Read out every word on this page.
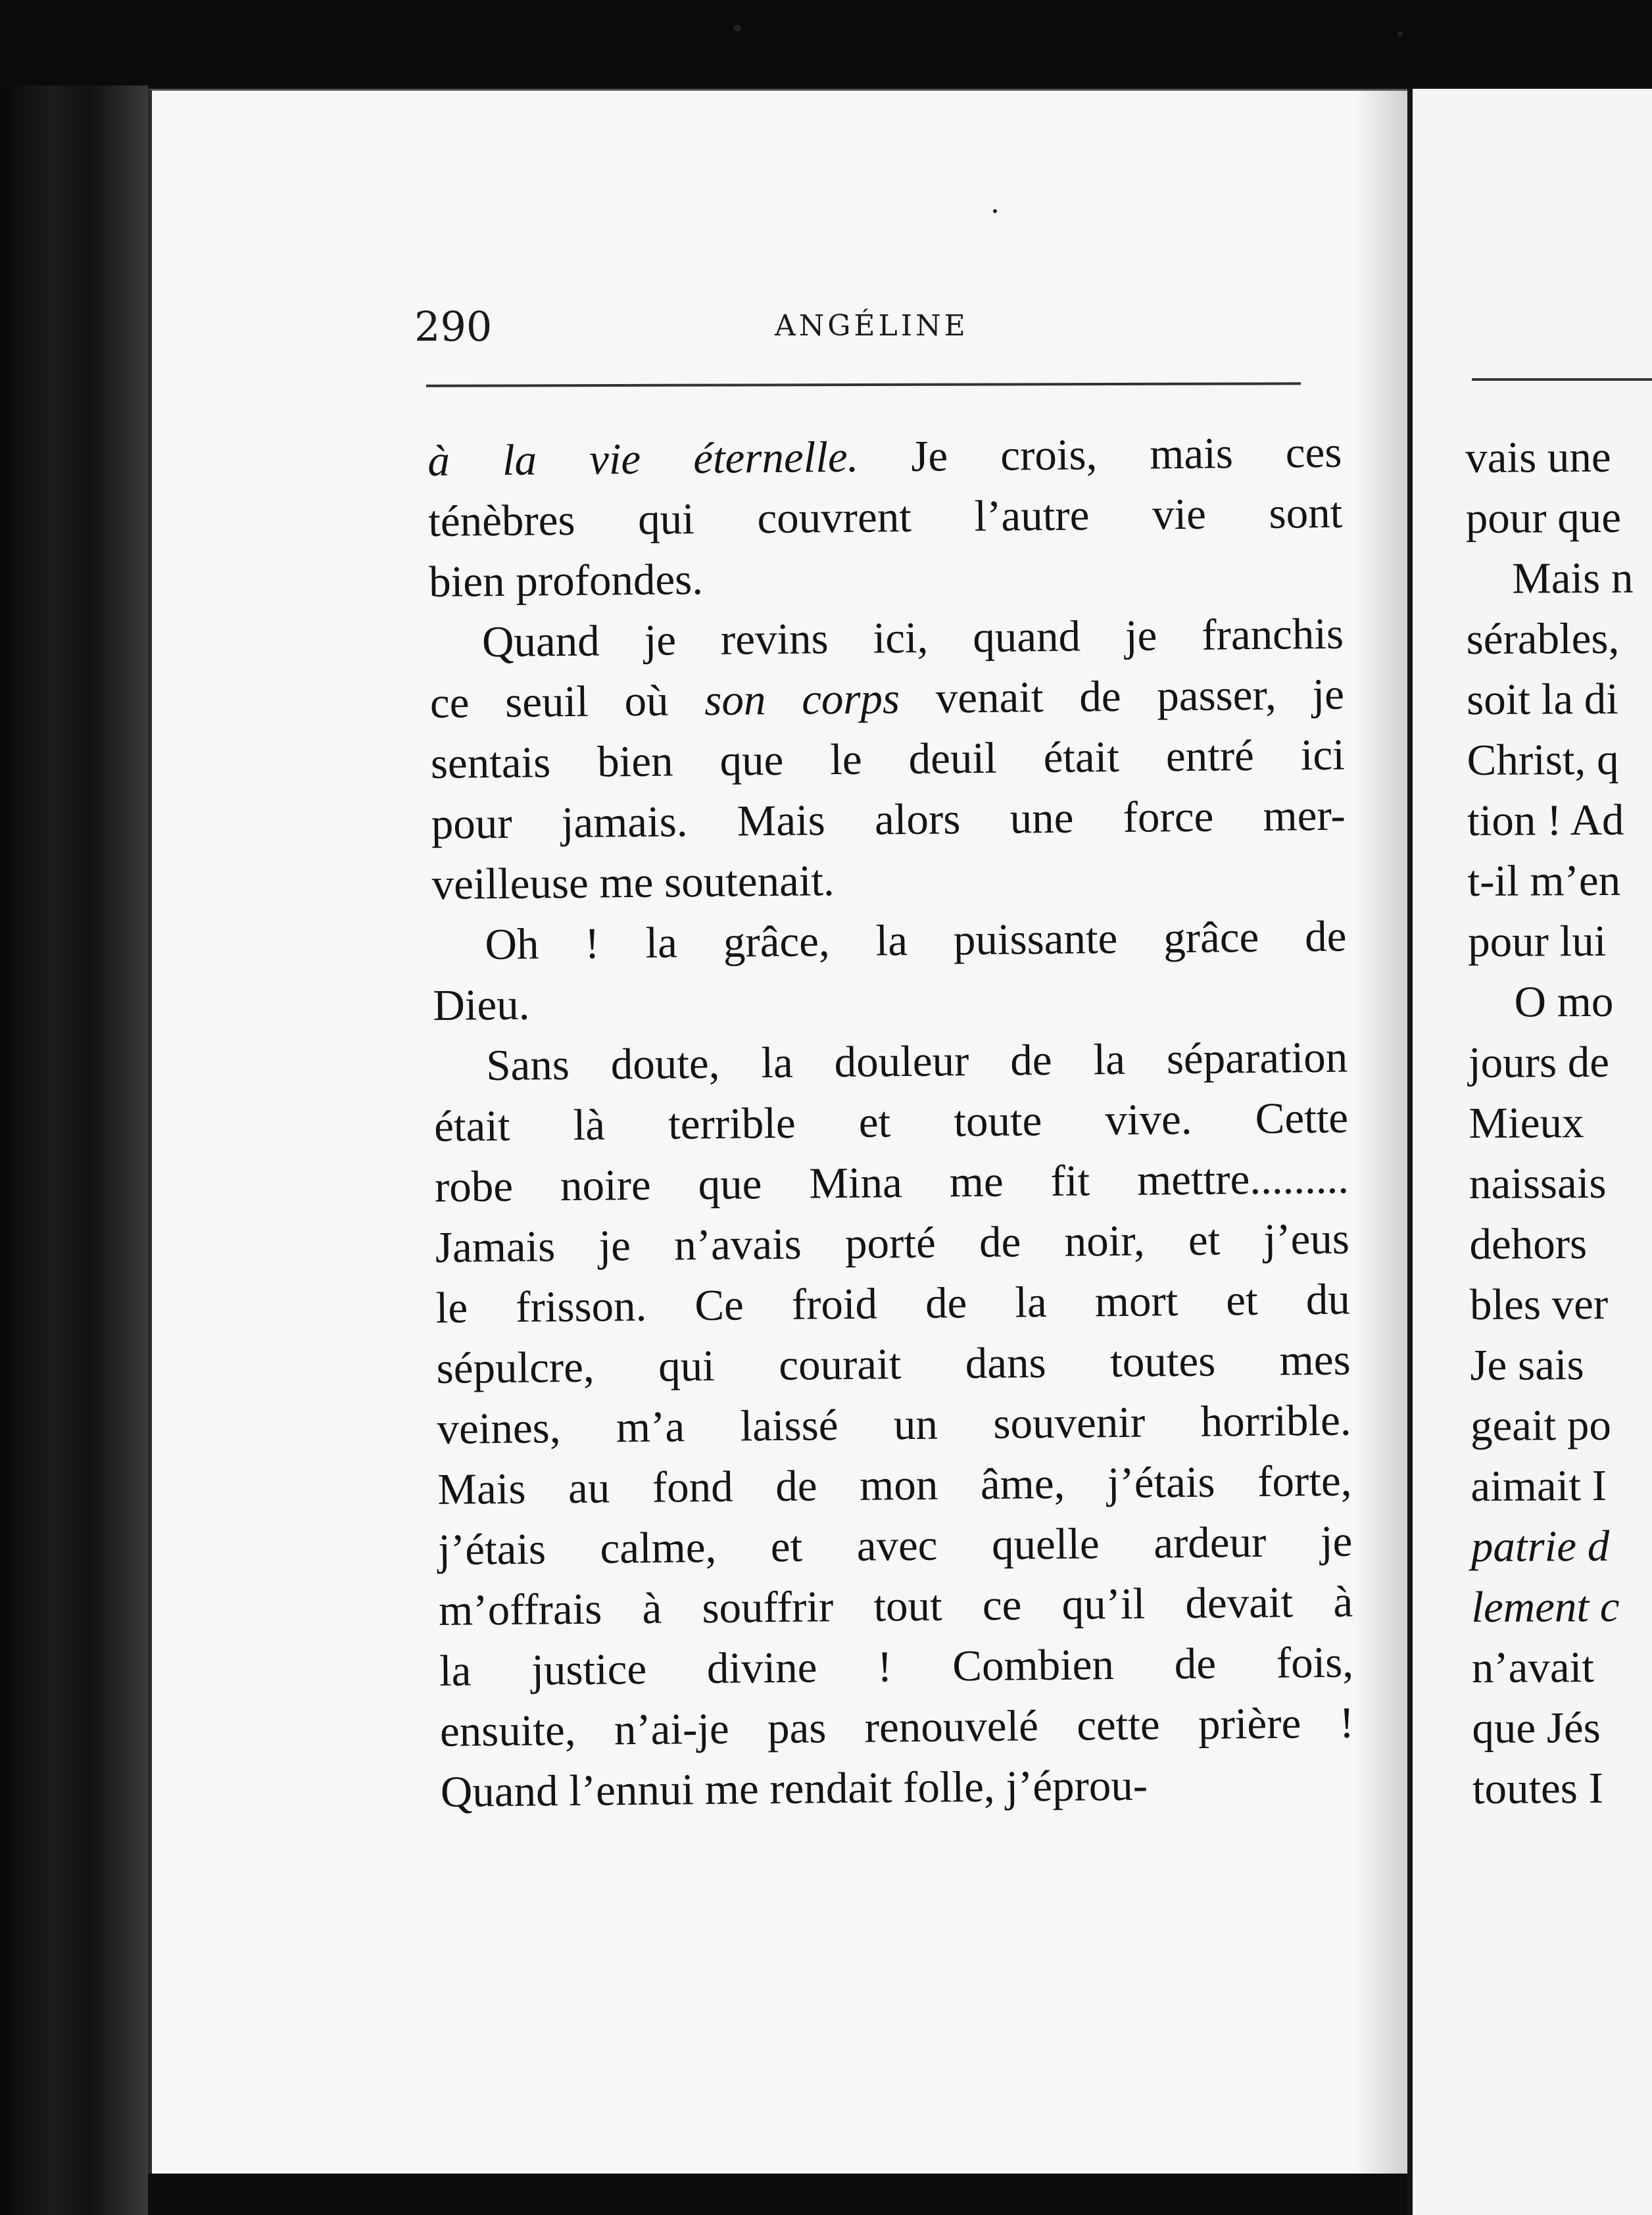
290	ANGÉLINE
à la vie éternelle. Je crois, mais ces
ténèbres qui couvrent l’autre vie sont
bien profondes.
Quand je revins ici, quand je franchis
ce seuil où son corps venait de passer, je
sentais bien que le deuil était entré ici
pour jamais. Mais alors une force mer-
veilleuse me soutenait.
Oh ! la grâce, la puissante grâce de
Dieu.
Sans doute, la douleur de la séparation
était là terrible et toute vive. Cette
robe noire que Mina me fit mettre.........
Jamais je n’avais porté de noir, et j’eus
le frisson. Ce froid de la mort et du
sépulcre, qui courait dans toutes mes
veines, m’a laissé un souvenir horrible.
Mais au fond de mon âme, j’étais forte,
j’étais calme, et avec quelle ardeur je
m’offrais à souffrir tout ce qu’il devait à
la justice divine ! Combien de fois,
ensuite, n’ai-je pas renouvelé cette prière !
Quand l’ennui me rendait folle, j’éprou-
vais une
pour que
Mais n
sérables,
soit la di
Christ, q
tion ! Ad
t-il m’en
pour lui
O mo
jours de
Mieux
naissais
dehors
bles ver
Je sais
geait po
aimait I
patrie d
lement c
n’avait
que Jés
toutes I
